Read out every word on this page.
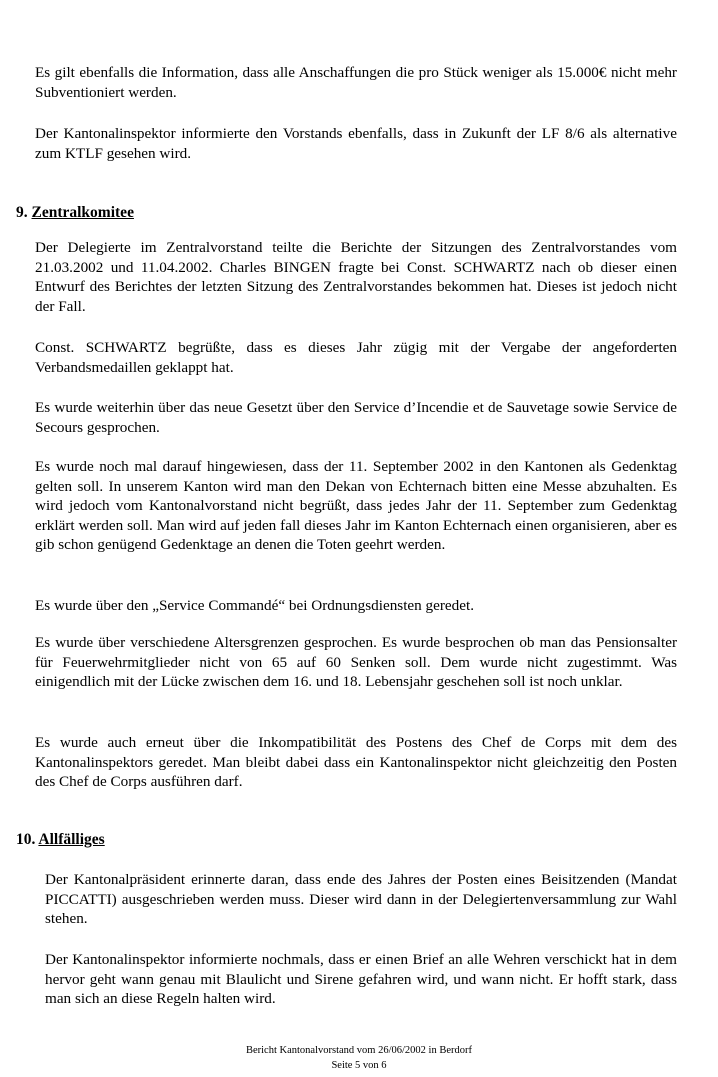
Es gilt ebenfalls die Information, dass alle Anschaffungen die pro Stück weniger als 15.000€ nicht mehr Subventioniert werden.

Der Kantonalinspektor informierte den Vorstands ebenfalls, dass in Zukunft der LF 8/6 als alternative zum KTLF gesehen wird.

9. Zentralkomitee

Der Delegierte im Zentralvorstand teilte die Berichte der Sitzungen des Zentralvorstandes vom 21.03.2002 und 11.04.2002. Charles BINGEN fragte bei Const. SCHWARTZ nach ob dieser einen Entwurf des Berichtes der letzten Sitzung des Zentralvorstandes bekommen hat. Dieses ist jedoch nicht der Fall.

Const. SCHWARTZ begrüßte, dass es dieses Jahr zügig mit der Vergabe der angeforderten Verbandsmedaillen geklappt hat.

Es wurde weiterhin über das neue Gesetzt über den Service d’Incendie et de Sauvetage sowie Service de Secours gesprochen.

Es wurde noch mal darauf hingewiesen, dass der 11. September 2002 in den Kantonen als Gedenktag gelten soll. In unserem Kanton wird man den Dekan von Echternach bitten eine Messe abzuhalten. Es wird jedoch vom Kantonalvorstand nicht begrüßt, dass jedes Jahr der 11. September zum Gedenktag erklärt werden soll. Man wird auf jeden fall dieses Jahr im Kanton Echternach einen organisieren, aber es gib schon genügend Gedenktage an denen die Toten geehrt werden.

Es wurde über den „Service Commandé“ bei Ordnungsdiensten geredet.

Es wurde über verschiedene Altersgrenzen gesprochen. Es wurde besprochen ob man das Pensionsalter für Feuerwehrmitglieder nicht von 65 auf 60 Senken soll. Dem wurde nicht zugestimmt. Was einigendlich mit der Lücke zwischen dem 16. und 18. Lebensjahr geschehen soll ist noch unklar.

Es wurde auch erneut über die Inkompatibilität des Postens des Chef de Corps mit dem des Kantonalinspektors geredet. Man bleibt dabei dass ein Kantonalinspektor nicht gleichzeitig den Posten des Chef de Corps ausführen darf.

10. Allfälliges

Der Kantonalpräsident erinnerte daran, dass ende des Jahres der Posten eines Beisitzenden (Mandat PICCATTI) ausgeschrieben werden muss. Dieser wird dann in der Delegiertenversammlung zur Wahl stehen.

Der Kantonalinspektor informierte nochmals, dass er einen Brief an alle Wehren verschickt hat in dem hervor geht wann genau mit Blaulicht und Sirene gefahren wird, und wann nicht. Er hofft stark, dass man sich an diese Regeln halten wird.

Bericht Kantonalvorstand vom 26/06/2002 in Berdorf
Seite 5 von 6
